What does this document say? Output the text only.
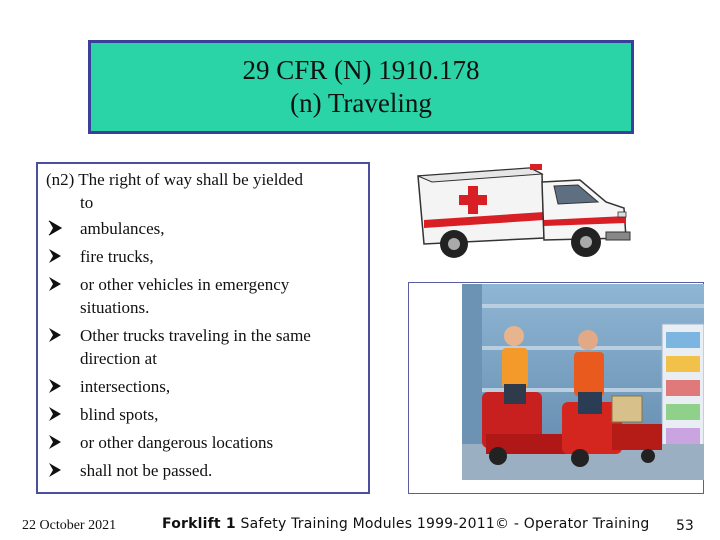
29 CFR (N) 1910.178
(n) Traveling
(n2) The right of way shall be yielded
to
ambulances,
fire trucks,
or other vehicles in emergency situations.
Other trucks traveling in the same direction at
intersections,
blind spots,
or other dangerous locations
shall not be passed.
22 October 2021	Forklift 1 Safety Training Modules 1999-2011© - Operator Training 53
